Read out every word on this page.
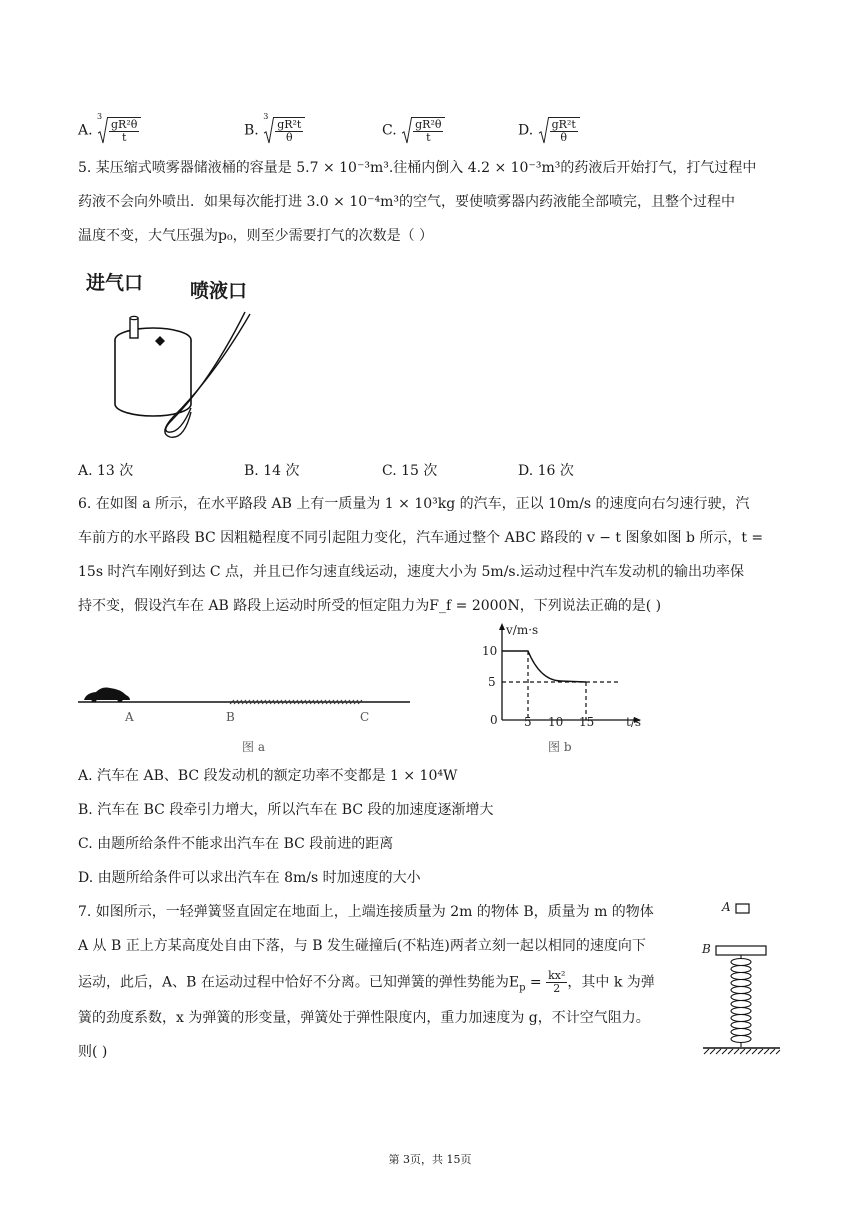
A.
3
$\frac{\text{gR²θ}}{t}$	B.
3
$\frac{\text{gR²t}}{\theta}$	C. $\frac{\text{gR²θ}}{t}$	D. $\frac{\text{gR²t}}{\theta}$
5. 某压缩式喷雾器储液桶的容量是 5.7 × 10⁻³m³.往桶内倒入 4.2 × 10⁻³m³的药液后开始打气，打气过程中
药液不会向外喷出．如果每次能打进 3.0 × 10⁻⁴m³的空气，要使喷雾器内药液能全部喷完，且整个过程中
温度不变，大气压强为p₀，则至少需要打气的次数是（ ）
进气口 喷液口
A. 13 次	B. 14 次	C. 15 次	D. 16 次
6. 在如图 a 所示，在水平路段 AB 上有一质量为 1 × 10³kg 的汽车，正以 10m/s 的速度向右匀速行驶，汽
车前方的水平路段 BC 因粗糙程度不同引起阻力变化，汽车通过整个 ABC 路段的 v − t 图象如图 b 所示，t =
15s 时汽车刚好到达 C 点，并且已作匀速直线运动，速度大小为 5m/s.运动过程中汽车发动机的输出功率保
持不变，假设汽车在 AB 路段上运动时所受的恒定阻力为F_f = 2000N，下列说法正确的是( )
A	B	C
图 a
v/m·s
10
5
0 5 10 15	t/s
图 b
A. 汽车在 AB、BC 段发动机的额定功率不变都是 1 × 10⁴W
B. 汽车在 BC 段牵引力增大，所以汽车在 BC 段的加速度逐渐增大
C. 由题所给条件不能求出汽车在 BC 段前进的距离
D. 由题所给条件可以求出汽车在 8m/s 时加速度的大小
7. 如图所示，一轻弹簧竖直固定在地面上，上端连接质量为 2m 的物体 B，质量为 m 的物体
A 从 B 正上方某高度处自由下落，与 B 发生碰撞后(不粘连)两者立刻一起以相同的速度向下
运动，此后，A、B 在运动过程中恰好不分离。已知弹簧的弹性势能为$E_p = \frac{\text{kx²}}{2}$ ，其中 k 为弹
簧的劲度系数，x 为弹簧的形变量，弹簧处于弹性限度内，重力加速度为 g，不计空气阻力。
则( )
A
B
第 3页，共 15页
